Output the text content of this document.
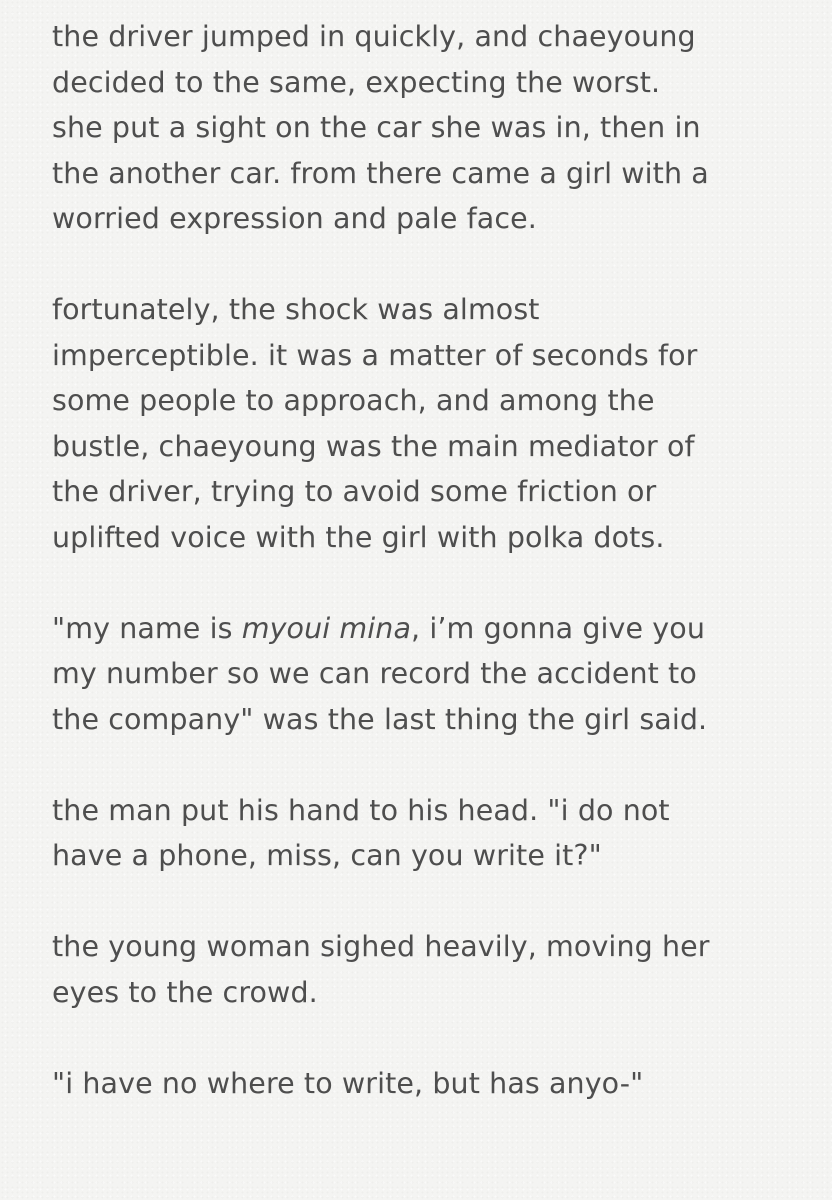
the driver jumped in quickly, and chaeyoung
decided to the same, expecting the worst.
she put a sight on the car she was in, then in
the another car. from there came a girl with a
worried expression and pale face.
fortunately, the shock was almost
imperceptible. it was a matter of seconds for
some people to approach, and among the
bustle, chaeyoung was the main mediator of
the driver, trying to avoid some friction or
uplifted voice with the girl with polka dots.
"my name is myoui mina, i’m gonna give you
my number so we can record the accident to
the company" was the last thing the girl said.
the man put his hand to his head. "i do not
have a phone, miss, can you write it?"
the young woman sighed heavily, moving her
eyes to the crowd.
"i have no where to write, but has anyo-"
